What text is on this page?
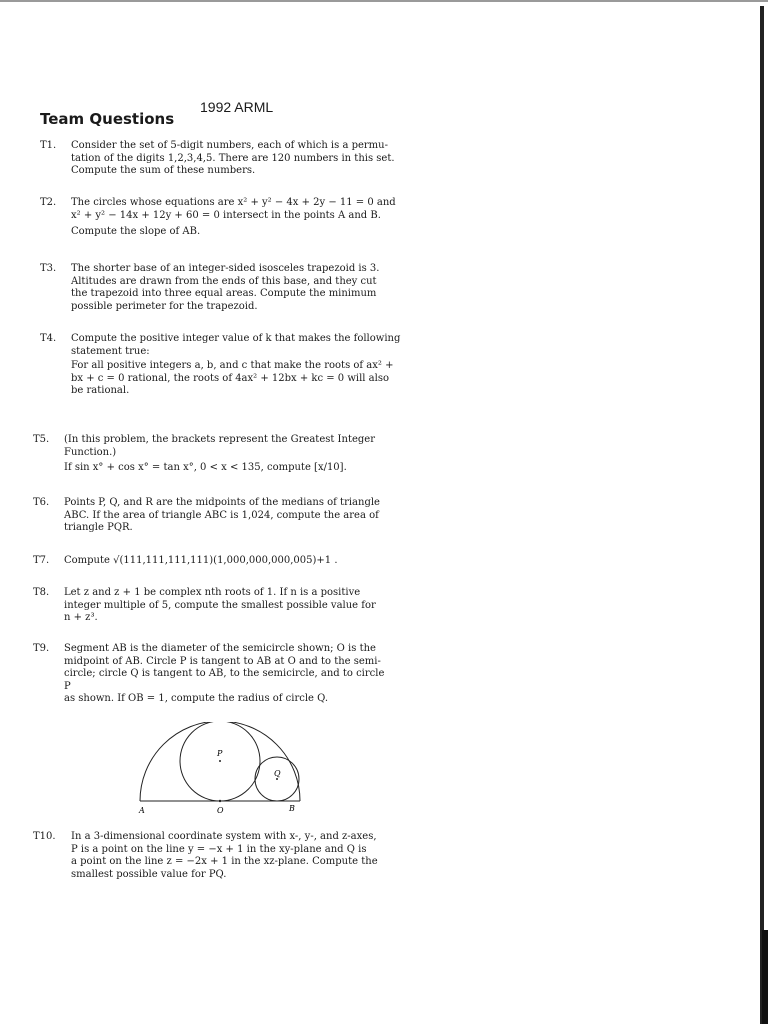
1992 ARML
Team Questions
T1. Consider the set of 5-digit numbers, each of which is a permu-
tation of the digits 1,2,3,4,5. There are 120 numbers in this set.
Compute the sum of these numbers.
T2. The circles whose equations are x² + y² − 4x + 2y − 11 = 0 and
x² + y² − 14x + 12y + 60 = 0 intersect in the points A and B.
Compute the slope of AB.
T3. The shorter base of an integer-sided isosceles trapezoid is 3.
Altitudes are drawn from the ends of this base, and they cut
the trapezoid into three equal areas. Compute the minimum
possible perimeter for the trapezoid.
T4. Compute the positive integer value of k that makes the following
statement true:
For all positive integers a, b, and c that make the roots of ax² +
bx + c = 0 rational, the roots of 4ax² + 12bx + kc = 0 will also
be rational.
T5. (In this problem, the brackets represent the Greatest Integer
Function.)
If sin x° + cos x° = tan x°, 0 < x < 135, compute [x/10].
T6. Points P, Q, and R are the midpoints of the medians of triangle
ABC. If the area of triangle ABC is 1,024, compute the area of
triangle PQR.
T7. Compute √(111,111,111,111)(1,000,000,000,005)+1 .
T8. Let z and z + 1 be complex nth roots of 1. If n is a positive
integer multiple of 5, compute the smallest possible value for
n + z³.
T9. Segment AB is the diameter of the semicircle shown; O is the
midpoint of AB. Circle P is tangent to AB at O and to the semi-
circle; circle Q is tangent to AB, to the semicircle, and to circle P
as shown. If OB = 1, compute the radius of circle Q.
A	O	B
P
Q
T10. In a 3-dimensional coordinate system with x-, y-, and z-axes,
P is a point on the line y = −x + 1 in the xy-plane and Q is
a point on the line z = −2x + 1 in the xz-plane. Compute the
smallest possible value for PQ.
